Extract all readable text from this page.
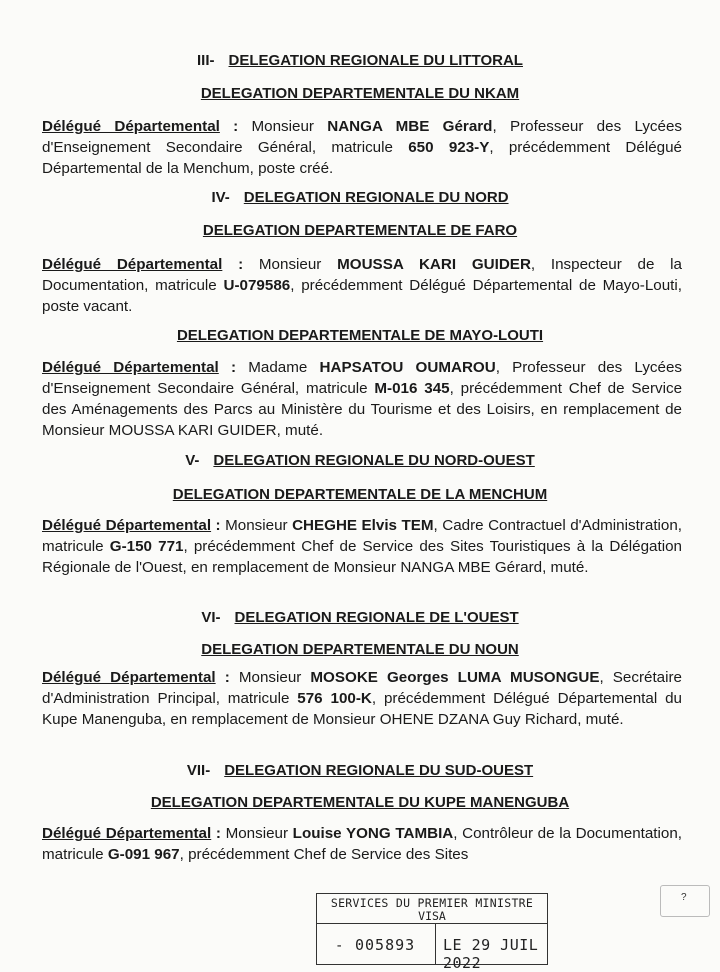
III- DELEGATION REGIONALE DU LITTORAL
DELEGATION DEPARTEMENTALE DU NKAM
Délégué Départemental : Monsieur NANGA MBE Gérard, Professeur des Lycées d'Enseignement Secondaire Général, matricule 650 923-Y, précédemment Délégué Départemental de la Menchum, poste créé.
IV- DELEGATION REGIONALE DU NORD
DELEGATION DEPARTEMENTALE DE FARO
Délégué Départemental : Monsieur MOUSSA KARI GUIDER, Inspecteur de la Documentation, matricule U-079586, précédemment Délégué Départemental de Mayo-Louti, poste vacant.
DELEGATION DEPARTEMENTALE DE MAYO-LOUTI
Délégué Départemental : Madame HAPSATOU OUMAROU, Professeur des Lycées d'Enseignement Secondaire Général, matricule M-016 345, précédemment Chef de Service des Aménagements des Parcs au Ministère du Tourisme et des Loisirs, en remplacement de Monsieur MOUSSA KARI GUIDER, muté.
V- DELEGATION REGIONALE DU NORD-OUEST
DELEGATION DEPARTEMENTALE DE LA MENCHUM
Délégué Départemental : Monsieur CHEGHE Elvis TEM, Cadre Contractuel d'Administration, matricule G-150 771, précédemment Chef de Service des Sites Touristiques à la Délégation Régionale de l'Ouest, en remplacement de Monsieur NANGA MBE Gérard, muté.
VI- DELEGATION REGIONALE DE L'OUEST
DELEGATION DEPARTEMENTALE DU NOUN
Délégué Départemental : Monsieur MOSOKE Georges LUMA MUSONGUE, Secrétaire d'Administration Principal, matricule 576 100-K, précédemment Délégué Départemental du Kupe Manenguba, en remplacement de Monsieur OHENE DZANA Guy Richard, muté.
VII- DELEGATION REGIONALE DU SUD-OUEST
DELEGATION DEPARTEMENTALE DU KUPE MANENGUBA
Délégué Départemental : Monsieur Louise YONG TAMBIA, Contrôleur de la Documentation, matricule G-091 967, précédemment Chef de Service des Sites
SERVICES DU PREMIER MINISTRE
VISA
- 005893 LE 29 JUIL 2022
?
